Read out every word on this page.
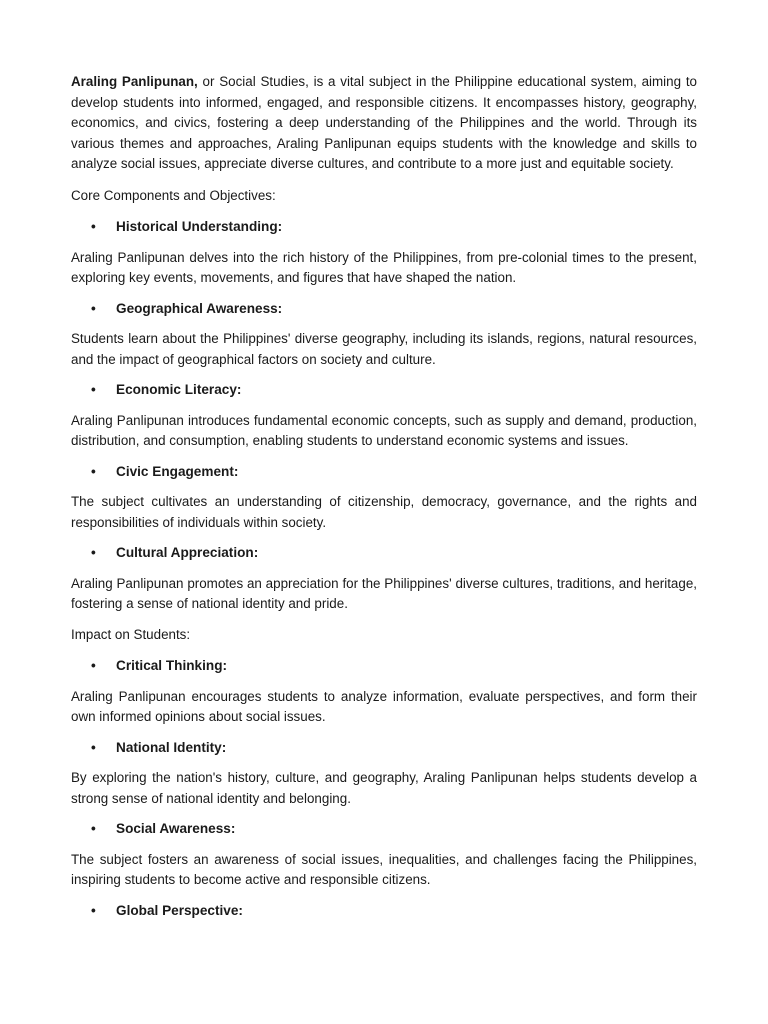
Araling Panlipunan, or Social Studies, is a vital subject in the Philippine educational system, aiming to develop students into informed, engaged, and responsible citizens. It encompasses history, geography, economics, and civics, fostering a deep understanding of the Philippines and the world. Through its various themes and approaches, Araling Panlipunan equips students with the knowledge and skills to analyze social issues, appreciate diverse cultures, and contribute to a more just and equitable society.

Core Components and Objectives:

• Historical Understanding:

Araling Panlipunan delves into the rich history of the Philippines, from pre-colonial times to the present, exploring key events, movements, and figures that have shaped the nation.

• Geographical Awareness:

Students learn about the Philippines' diverse geography, including its islands, regions, natural resources, and the impact of geographical factors on society and culture.

• Economic Literacy:

Araling Panlipunan introduces fundamental economic concepts, such as supply and demand, production, distribution, and consumption, enabling students to understand economic systems and issues.

• Civic Engagement:

The subject cultivates an understanding of citizenship, democracy, governance, and the rights and responsibilities of individuals within society.

• Cultural Appreciation:

Araling Panlipunan promotes an appreciation for the Philippines' diverse cultures, traditions, and heritage, fostering a sense of national identity and pride.

Impact on Students:

• Critical Thinking:

Araling Panlipunan encourages students to analyze information, evaluate perspectives, and form their own informed opinions about social issues.

• National Identity:

By exploring the nation's history, culture, and geography, Araling Panlipunan helps students develop a strong sense of national identity and belonging.

• Social Awareness:

The subject fosters an awareness of social issues, inequalities, and challenges facing the Philippines, inspiring students to become active and responsible citizens.

• Global Perspective:
